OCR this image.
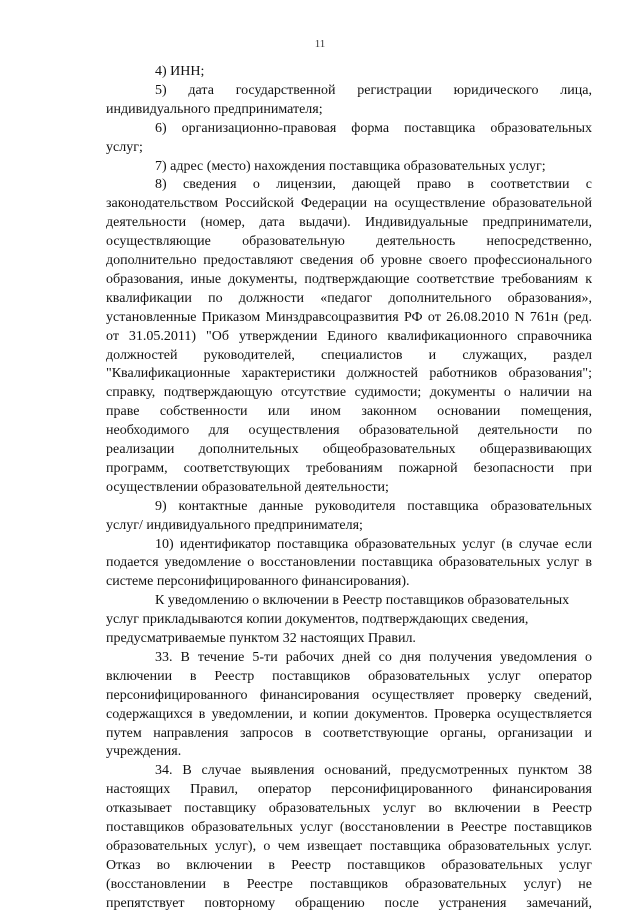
11
4) ИНН;
5) дата государственной регистрации юридического лица,
индивидуального предпринимателя;
6) организационно-правовая форма поставщика образовательных
услуг;
7) адрес (место) нахождения поставщика образовательных услуг;
8) сведения о лицензии, дающей право в соответствии с
законодательством Российской Федерации на осуществление образовательной
деятельности (номер, дата выдачи). Индивидуальные предприниматели,
осуществляющие образовательную деятельность непосредственно,
дополнительно предоставляют сведения об уровне своего профессионального
образования, иные документы, подтверждающие соответствие требованиям к
квалификации по должности «педагог дополнительного образования»,
установленные Приказом Минздравсоцразвития РФ от 26.08.2010 N 761н (ред.
от 31.05.2011) "Об утверждении Единого квалификационного справочника
должностей руководителей, специалистов и служащих, раздел
"Квалификационные характеристики должностей работников образования";
справку, подтверждающую отсутствие судимости; документы о наличии на
праве собственности или ином законном основании помещения,
необходимого для осуществления образовательной деятельности по
реализации дополнительных общеобразовательных общеразвивающих
программ, соответствующих требованиям пожарной безопасности при
осуществлении образовательной деятельности;
9) контактные данные руководителя поставщика образовательных
услуг/ индивидуального предпринимателя;
10) идентификатор поставщика образовательных услуг (в случае если
подается уведомление о восстановлении поставщика образовательных услуг в
системе персонифицированного финансирования).
К уведомлению о включении в Реестр поставщиков образовательных
услуг прикладываются копии документов, подтверждающих сведения,
предусматриваемые пунктом 32 настоящих Правил.
33. В течение 5-ти рабочих дней со дня получения уведомления о
включении в Реестр поставщиков образовательных услуг оператор
персонифицированного финансирования осуществляет проверку сведений,
содержащихся в уведомлении, и копии документов. Проверка осуществляется
путем направления запросов в соответствующие органы, организации и
учреждения.
34. В случае выявления оснований, предусмотренных пунктом 38
настоящих Правил, оператор персонифицированного финансирования
отказывает поставщику образовательных услуг во включении в Реестр
поставщиков образовательных услуг (восстановлении в Реестре поставщиков
образовательных услуг), о чем извещает поставщика образовательных услуг.
Отказ во включении в Реестр поставщиков образовательных услуг
(восстановлении в Реестре поставщиков образовательных услуг) не
препятствует повторному обращению после устранения замечаний,
